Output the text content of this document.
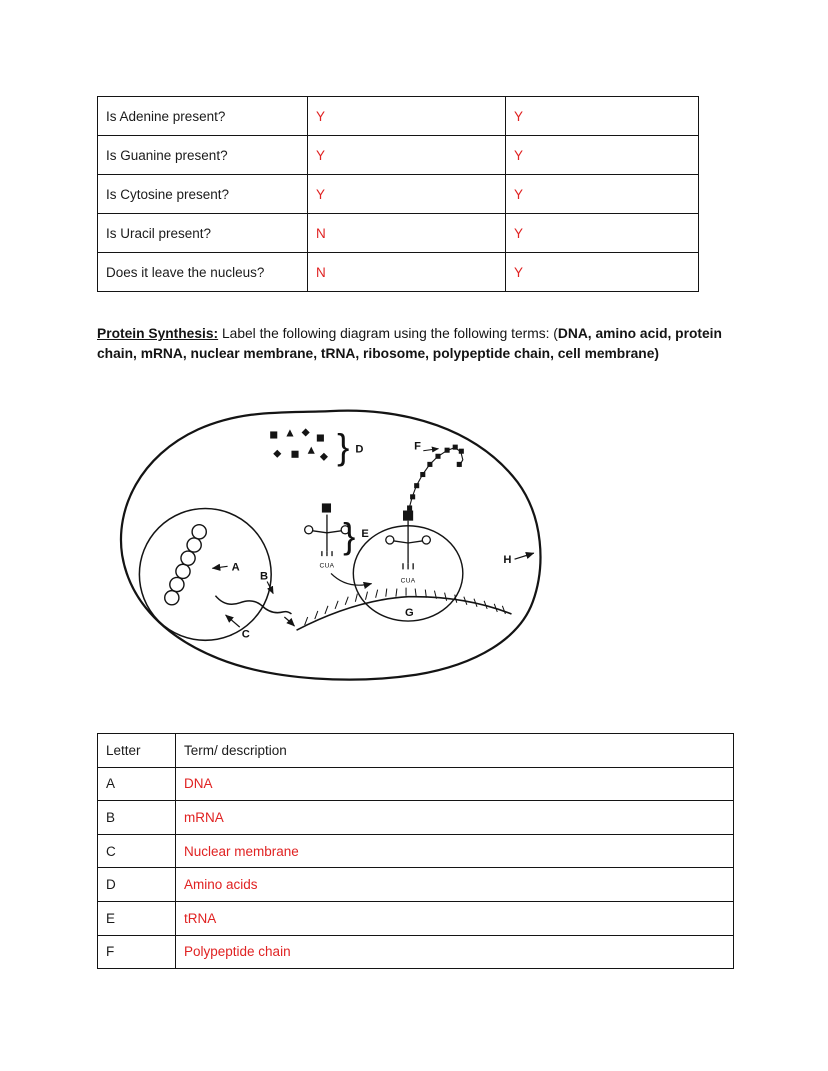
Is Adenine present?	Y	Y
Is Guanine present?	Y	Y
Is Cytosine present?	Y	Y
Is Uracil present?	N	Y
Does it leave the nucleus?	N	Y

Protein Synthesis: Label the following diagram using the following terms: (DNA, amino acid, protein chain, mRNA, nuclear membrane, tRNA, ribosome, polypeptide chain, cell membrane)

A
B
C
G
CUA
CUA
} E
} D	F
H
Letter	Term/ description
A	DNA
B	mRNA
C	Nuclear membrane
D	Amino acids
E	tRNA
F	Polypeptide chain
